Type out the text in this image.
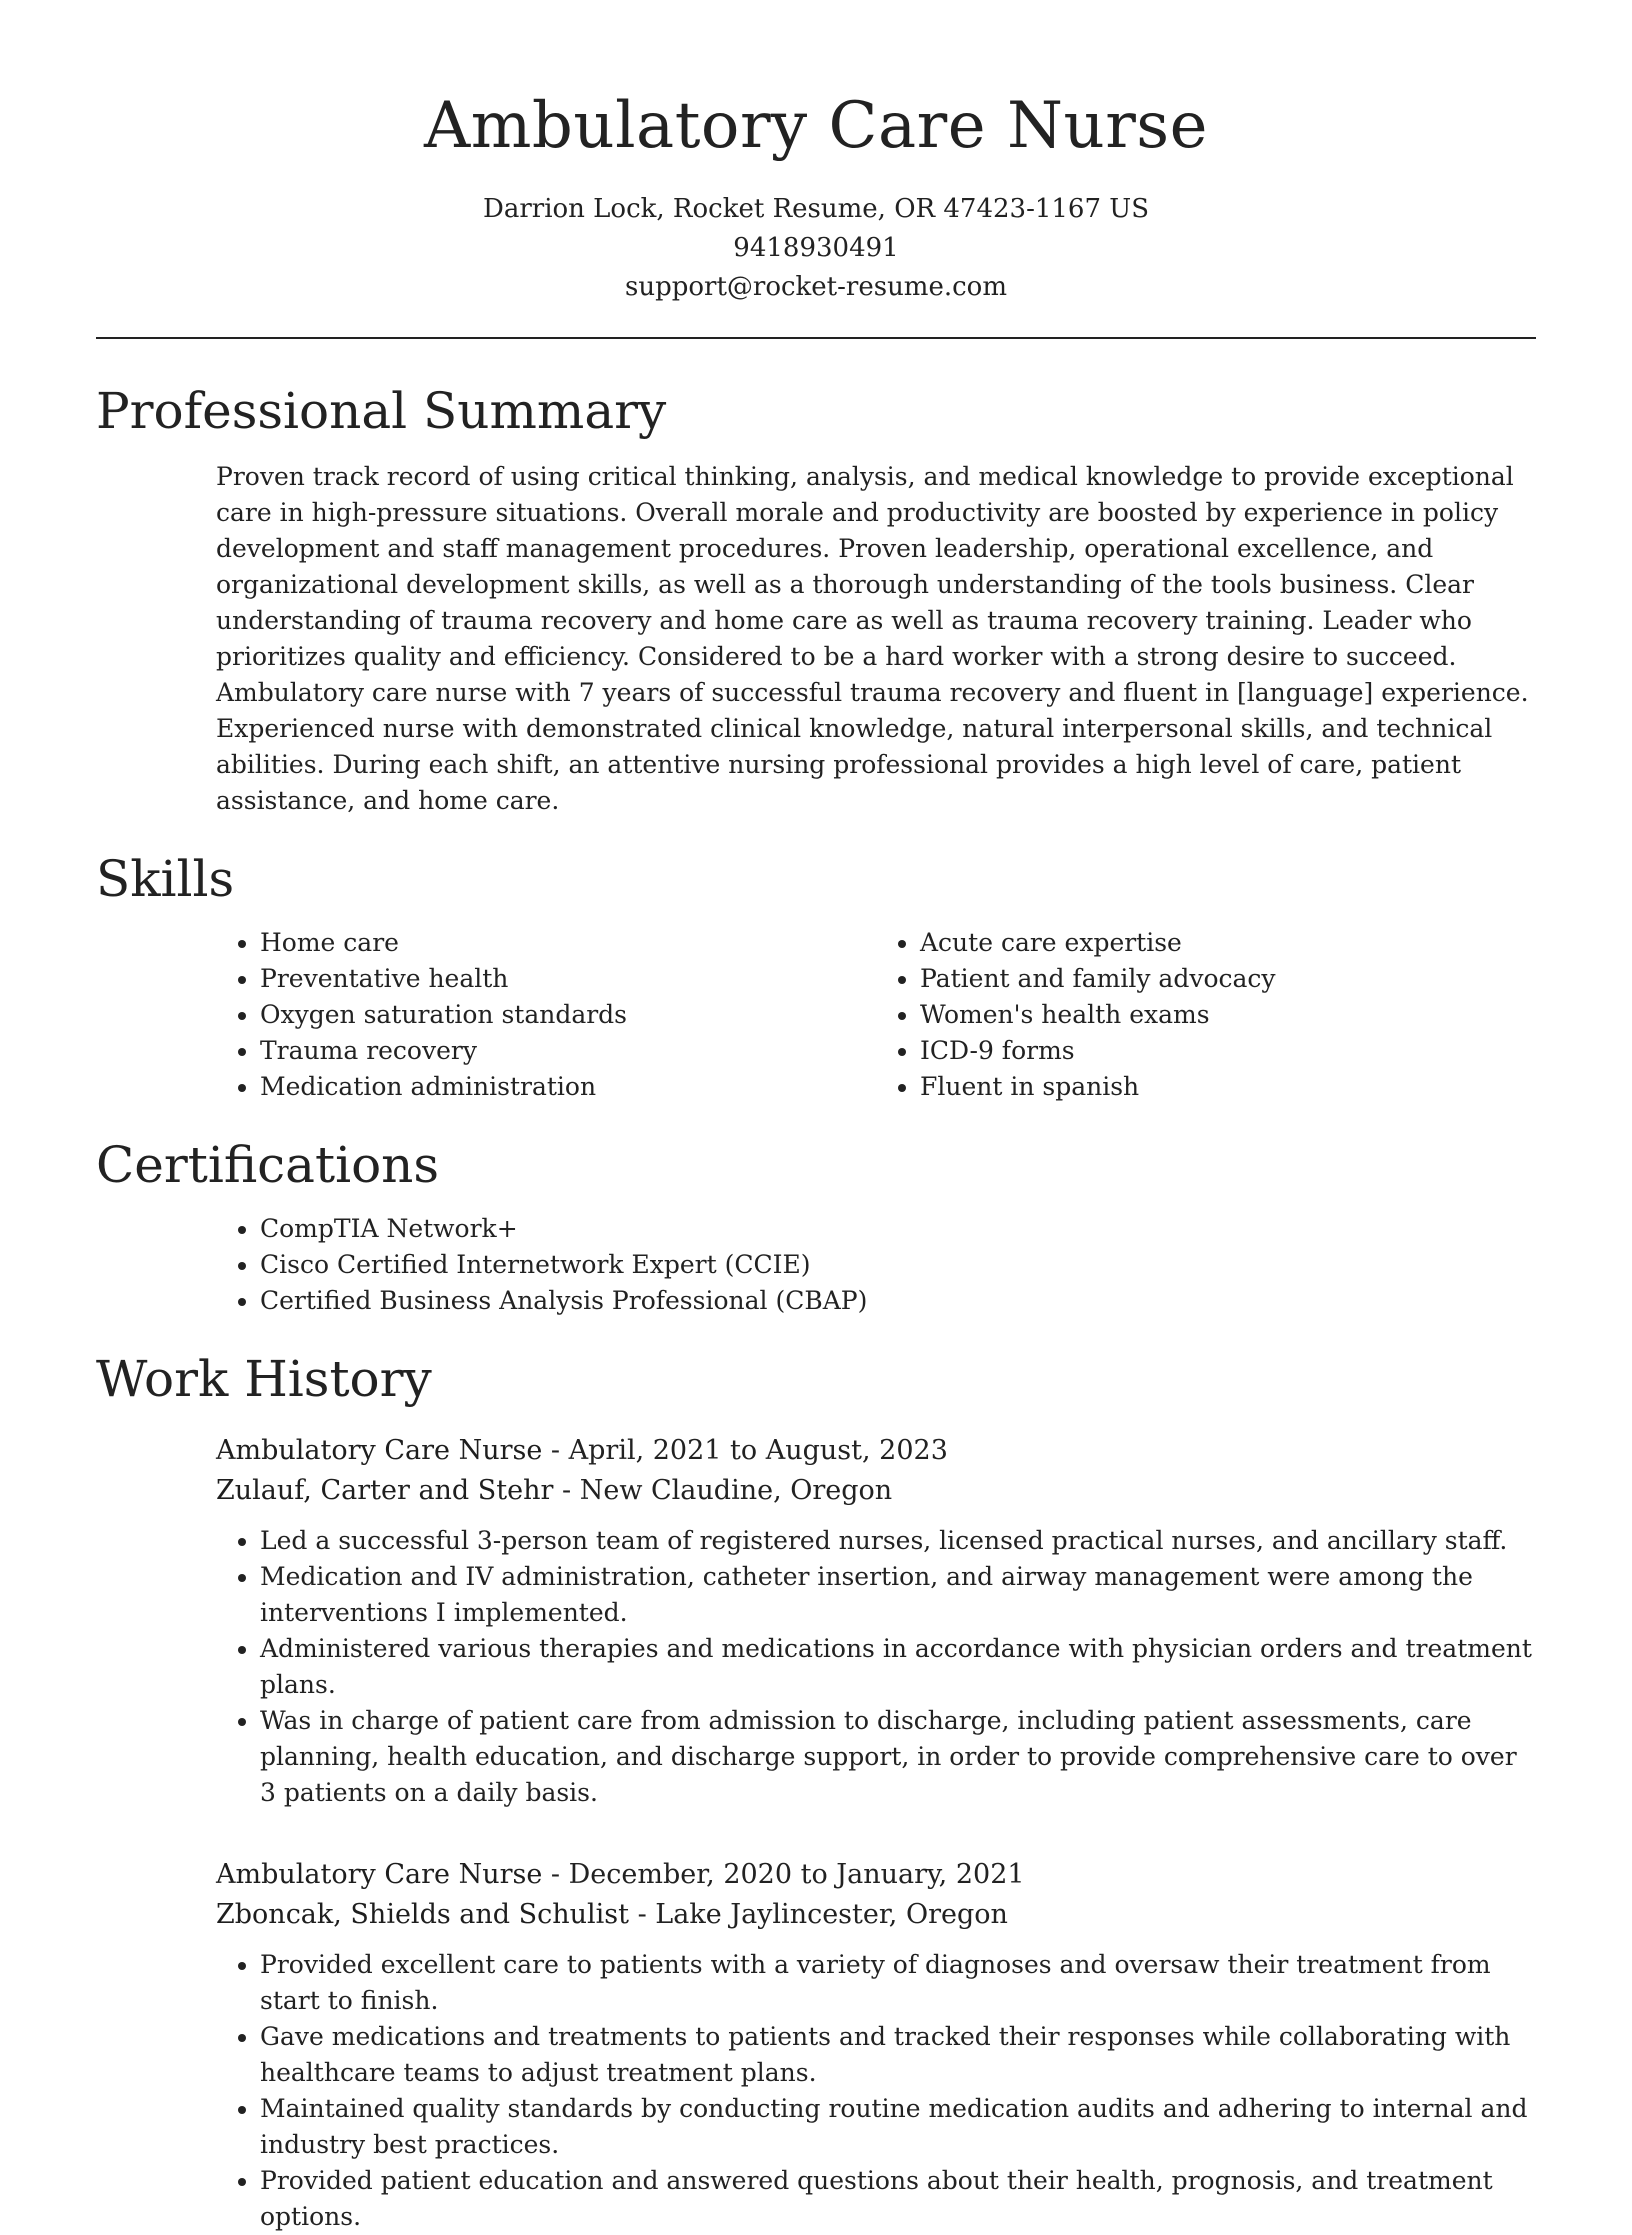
Ambulatory Care Nurse
Darrion Lock, Rocket Resume, OR 47423-1167 US
9418930491
support@rocket-resume.com
Professional Summary

Proven track record of using critical thinking, analysis, and medical knowledge to provide exceptional care in high-pressure situations. Overall morale and productivity are boosted by experience in policy development and staff management procedures. Proven leadership, operational excellence, and organizational development skills, as well as a thorough understanding of the tools business. Clear understanding of trauma recovery and home care as well as trauma recovery training. Leader who prioritizes quality and efficiency. Considered to be a hard worker with a strong desire to succeed. Ambulatory care nurse with 7 years of successful trauma recovery and fluent in [language] experience. Experienced nurse with demonstrated clinical knowledge, natural interpersonal skills, and technical abilities. During each shift, an attentive nursing professional provides a high level of care, patient assistance, and home care.

Skills
• Home care
• Preventative health
• Oxygen saturation standards
• Trauma recovery
• Medication administration
• Acute care expertise
• Patient and family advocacy
• Women's health exams
• ICD-9 forms
• Fluent in spanish
Certifications
• CompTIA Network+
• Cisco Certified Internetwork Expert (CCIE)
• Certified Business Analysis Professional (CBAP)
Work History
Ambulatory Care Nurse - April, 2021 to August, 2023
Zulauf, Carter and Stehr - New Claudine, Oregon
• Led a successful 3-person team of registered nurses, licensed practical nurses, and ancillary staff.
• Medication and IV administration, catheter insertion, and airway management were among the interventions I implemented.
• Administered various therapies and medications in accordance with physician orders and treatment plans.
• Was in charge of patient care from admission to discharge, including patient assessments, care planning, health education, and discharge support, in order to provide comprehensive care to over 3 patients on a daily basis.
Ambulatory Care Nurse - December, 2020 to January, 2021
Zboncak, Shields and Schulist - Lake Jaylincester, Oregon
• Provided excellent care to patients with a variety of diagnoses and oversaw their treatment from start to finish.
• Gave medications and treatments to patients and tracked their responses while collaborating with healthcare teams to adjust treatment plans.
• Maintained quality standards by conducting routine medication audits and adhering to internal and industry best practices.
• Provided patient education and answered questions about their health, prognosis, and treatment options.
